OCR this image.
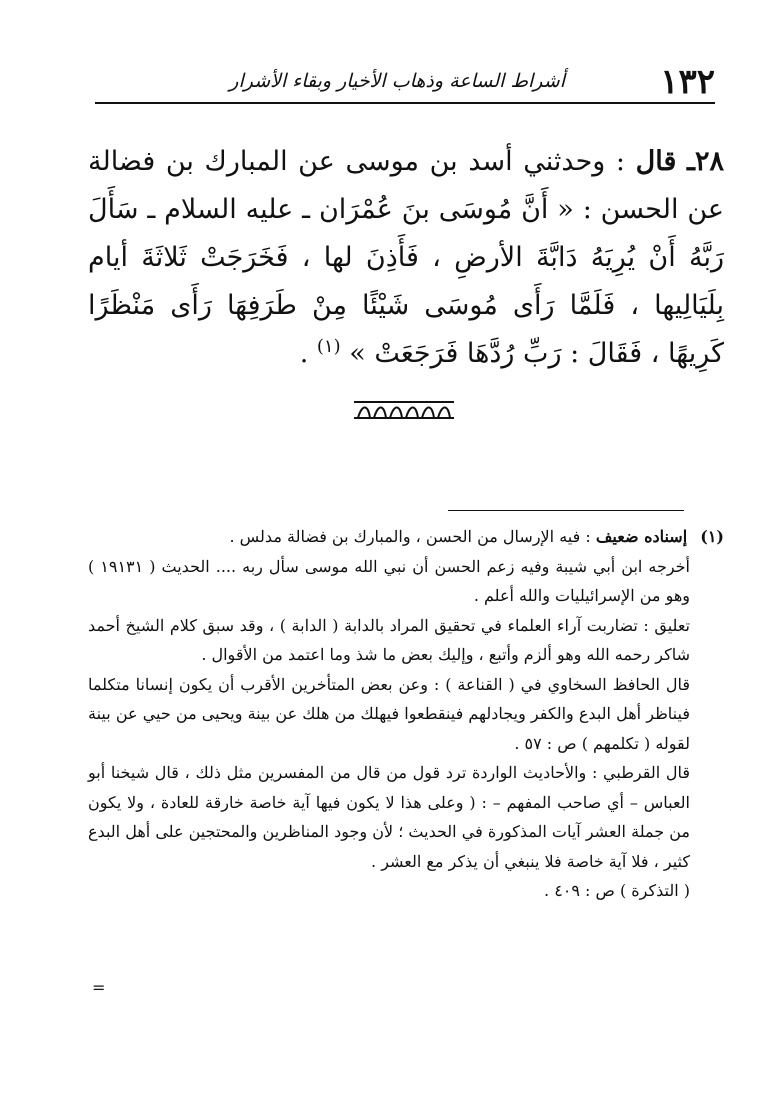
١٣٢
أشراط الساعة وذهاب الأخيار وبقاء الأشرار
٢٨ـ قال : وحدثني أسد بن موسى عن المبارك بن فضالة عن الحسن : « أَنَّ مُوسَى بنَ عُمْرَان ـ عليه السلام ـ سَأَلَ رَبَّهُ أَنْ يُرِيَهُ دَابَّةَ الأرضِ ، فَأَذِنَ لها ، فَخَرَجَتْ ثَلاثَةَ أيام بِلَيَالِيها ، فَلَمَّا رَأَى مُوسَى شَيْئًا مِنْ طَرَفِهَا رَأَى مَنْظَرًا كَرِيهًا ، فَقَالَ : رَبِّ رُدَّهَا فَرَجَعَتْ » $^{(١)}$ .

(١) إسناده ضعيف : فيه الإرسال من الحسن ، والمبارك بن فضالة مدلس .

أخرجه ابن أبي شيبة وفيه زعم الحسن أن نبي الله موسى سأل ربه .... الحديث ( ١٩١٣١ ) وهو من الإسرائيليات والله أعلم .

تعليق : تضاربت آراء العلماء في تحقيق المراد بالدابة ( الدابة ) ، وقد سبق كلام الشيخ أحمد شاكر رحمه الله وهو ألزم وأتبع ، وإليك بعض ما شذ وما اعتمد من الأقوال .

قال الحافظ السخاوي في ( القناعة ) : وعن بعض المتأخرين الأقرب أن يكون إنسانا متكلما فيناظر أهل البدع والكفر ويجادلهم فينقطعوا فيهلك من هلك عن بينة ويحيى من حيي عن بينة لقوله ( تكلمهم ) ص : ٥٧ .

قال القرطبي : والأحاديث الواردة ترد قول من قال من المفسرين مثل ذلك ، قال شيخنا أبو العباس – أي صاحب المفهم – : ( وعلى هذا لا يكون فيها آية خاصة خارقة للعادة ، ولا يكون من جملة العشر آيات المذكورة في الحديث ؛ لأن وجود المناظرين والمحتجين على أهل البدع كثير ، فلا آية خاصة فلا ينبغي أن يذكر مع العشر .

( التذكرة ) ص : ٤٠٩ .

=
